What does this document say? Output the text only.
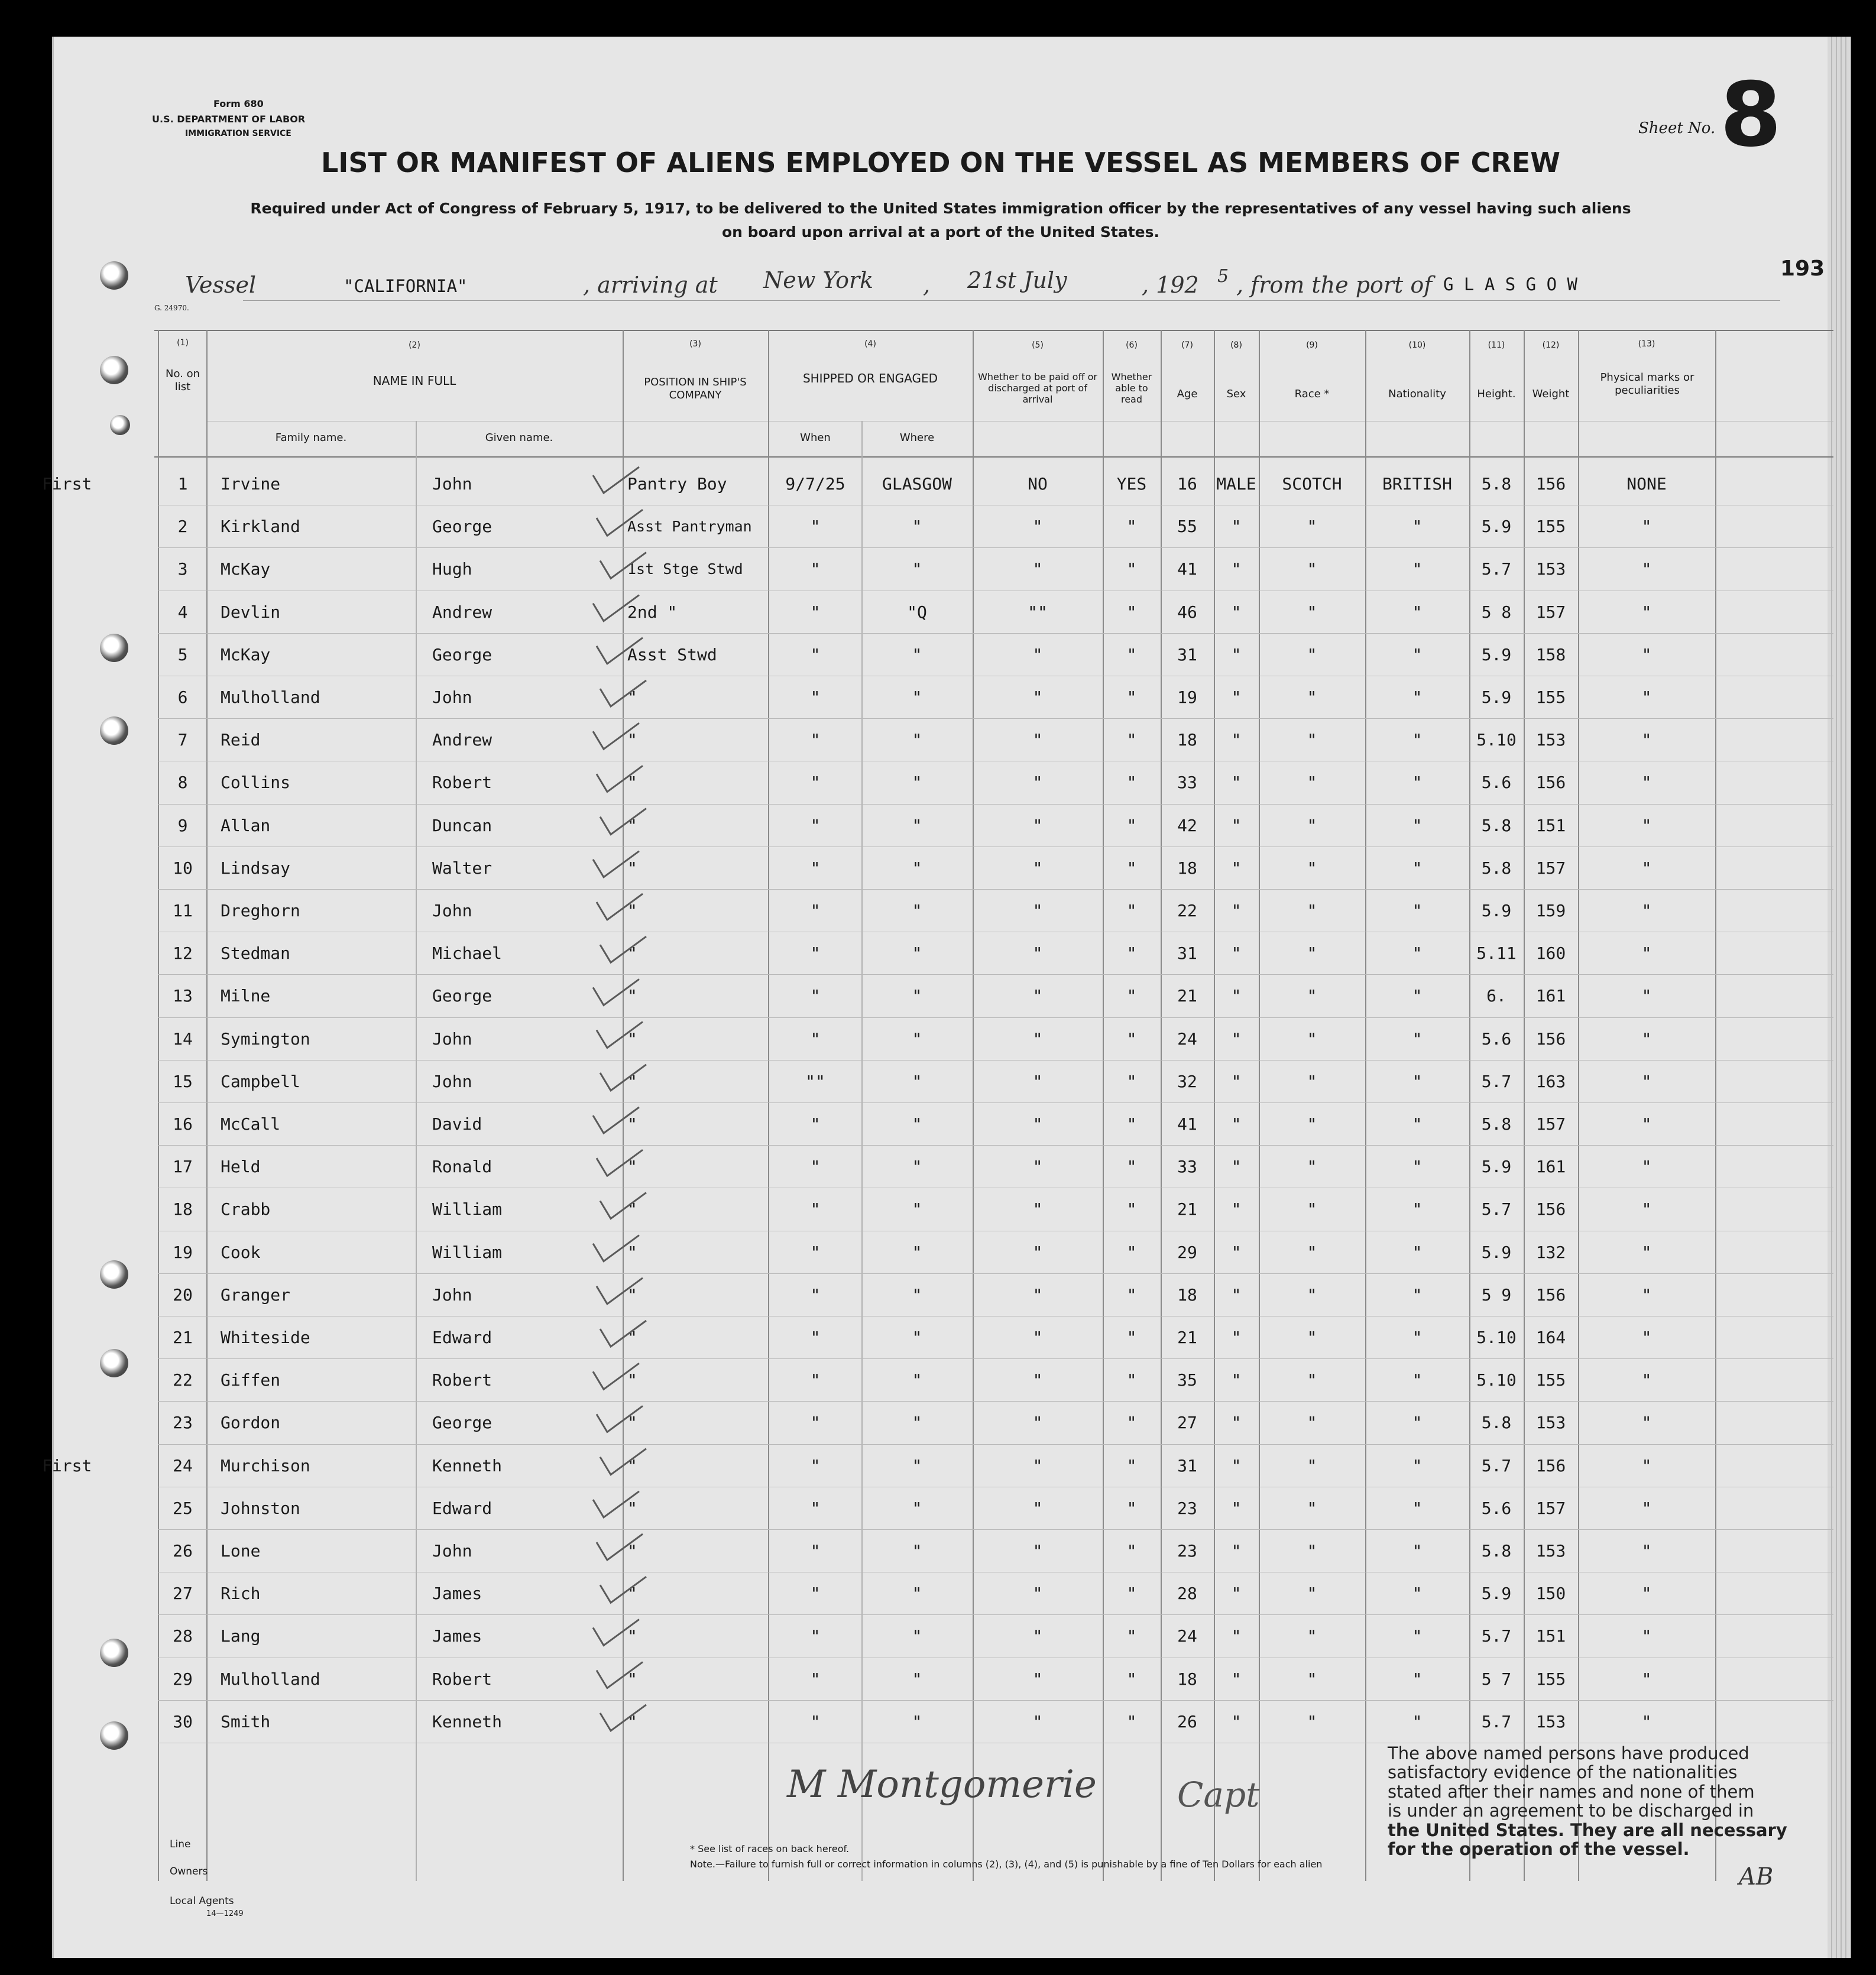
Form 680
U.S. DEPARTMENT OF LABOR
IMMIGRATION SERVICE	Sheet No. 8
LIST OR MANIFEST OF ALIENS EMPLOYED ON THE VESSEL AS MEMBERS OF CREW
Required under Act of Congress of February 5, 1917, to be delivered to the United States immigration officer by the representatives of any vessel having such aliens
on board upon arrival at a port of the United States.
Vessel	"CALIFORNIA"	, arriving at New York , 21st July	, 192 5 , from the port of G L A S G O W
193
G. 24970.
(1)	(2)	(3)	(4)	(5)	(6)	(7)	(8)	(9)	(10)	(11)	(12)	(13)
No. on list	NAME IN FULL
Family name.	Given name.
POSITION IN SHIP'S COMPANY
SHIPPED OR ENGAGED
When	Where
Whether to be paid off or discharged at port of arrival
Whether able to read	Age	Sex	Race *	Nationality	Height.	Weight
Physical marks or peculiarities
First	1	Irvine	John	Pantry Boy	9/7/25	GLASGOW	NO	YES	16	MALE	SCOTCH	BRITISH	5.8	156	NONE
2	Kirkland	George	Asst Pantryman	"	"	"	"	55	"	"	"	5.9	155	"
3	McKay	Hugh	1st Stge Stwd	"	"	"	"	41	"	"	"	5.7	153	"
4	Devlin	Andrew	2nd "	"	"Q	""	"	46	"	"	"	5 8	157	"
5	McKay	George	Asst Stwd	"	"	"	"	31	"	"	"	5.9	158	"
6	Mulholland	John	"	"	"	"	"	19	"	"	"	5.9	155	"
7	Reid	Andrew	"	"	"	"	"	18	"	"	"	5.10	153	"
8	Collins	Robert	"	"	"	"	"	33	"	"	"	5.6	156	"
9	Allan	Duncan	"	"	"	"	"	42	"	"	"	5.8	151	"
10	Lindsay	Walter	"	"	"	"	"	18	"	"	"	5.8	157	"
11	Dreghorn	John	"	"	"	"	"	22	"	"	"	5.9	159	"
12	Stedman	Michael	"	"	"	"	"	31	"	"	"	5.11	160	"
13	Milne	George	"	"	"	"	"	21	"	"	"	6.	161	"
14	Symington	John	"	"	"	"	"	24	"	"	"	5.6	156	"
15	Campbell	John	"	""	"	"	"	32	"	"	"	5.7	163	"
16	McCall	David	"	"	"	"	"	41	"	"	"	5.8	157	"
17	Held	Ronald	"	"	"	"	"	33	"	"	"	5.9	161	"
18	Crabb	William	"	"	"	"	"	21	"	"	"	5.7	156	"
19	Cook	William	"	"	"	"	"	29	"	"	"	5.9	132	"
20	Granger	John	"	"	"	"	"	18	"	"	"	5 9	156	"
21	Whiteside	Edward	"	"	"	"	"	21	"	"	"	5.10	164	"
22	Giffen	Robert	"	"	"	"	"	35	"	"	"	5.10	155	"
23	Gordon	George	"	"	"	"	"	27	"	"	"	5.8	153	"
First	24	Murchison	Kenneth	"	"	"	"	"	31	"	"	"	5.7	156	"
25	Johnston	Edward	"	"	"	"	"	23	"	"	"	5.6	157	"
26	Lone	John	"	"	"	"	"	23	"	"	"	5.8	153	"
27	Rich	James	"	"	"	"	"	28	"	"	"	5.9	150	"
28	Lang	James	"	"	"	"	"	24	"	"	"	5.7	151	"
29	Mulholland	Robert	"	"	"	"	"	18	"	"	"	5 7	155	"
30	Smith	Kenneth	"	"	"	"	"	26	"	"	"	5.7	153	"
Line
Owners
Local Agents
14—1249
* See list of races on back hereof.
Note.—Failure to furnish full or correct information in columns (2), (3), (4), and (5) is punishable by a fine of Ten Dollars for each alien
M Montgomerie Capt
The above named persons have produced
satisfactory evidence of the nationalities
stated after their names and none of them
is under an agreement to be discharged in
the United States. They are all necessary
for the operation of the vessel.
AB
